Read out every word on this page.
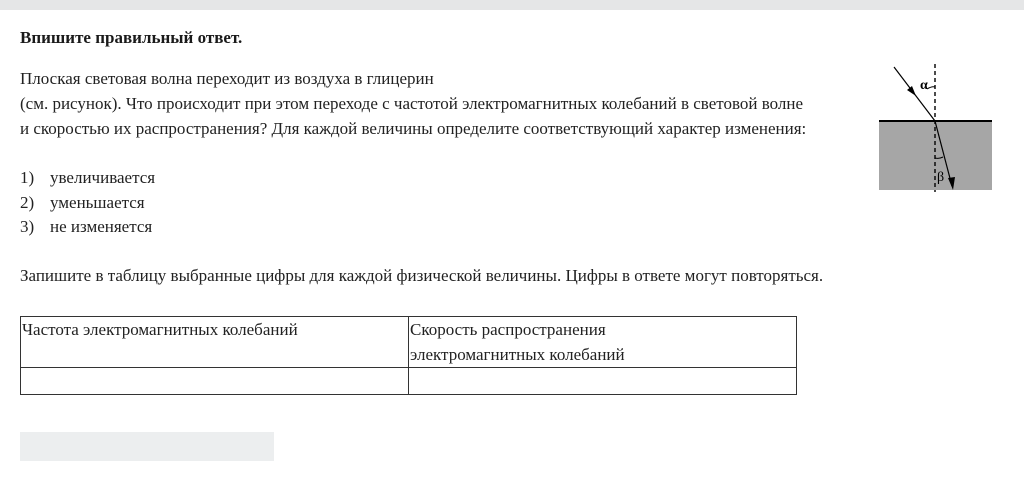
Впишите правильный ответ.
Плоская световая волна переходит из воздуха в глицерин
(см. рисунок). Что происходит при этом переходе с частотой электромагнитных колебаний в световой волне
и скоростью их распространения? Для каждой величины определите соответствующий характер изменения:
1) увеличивается
2) уменьшается
3) не изменяется
Запишите в таблицу выбранные цифры для каждой физической величины. Цифры в ответе могут повторяться.
Частота электромагнитных колебаний	Скорость распространения
электромагнитных колебаний

α
β
